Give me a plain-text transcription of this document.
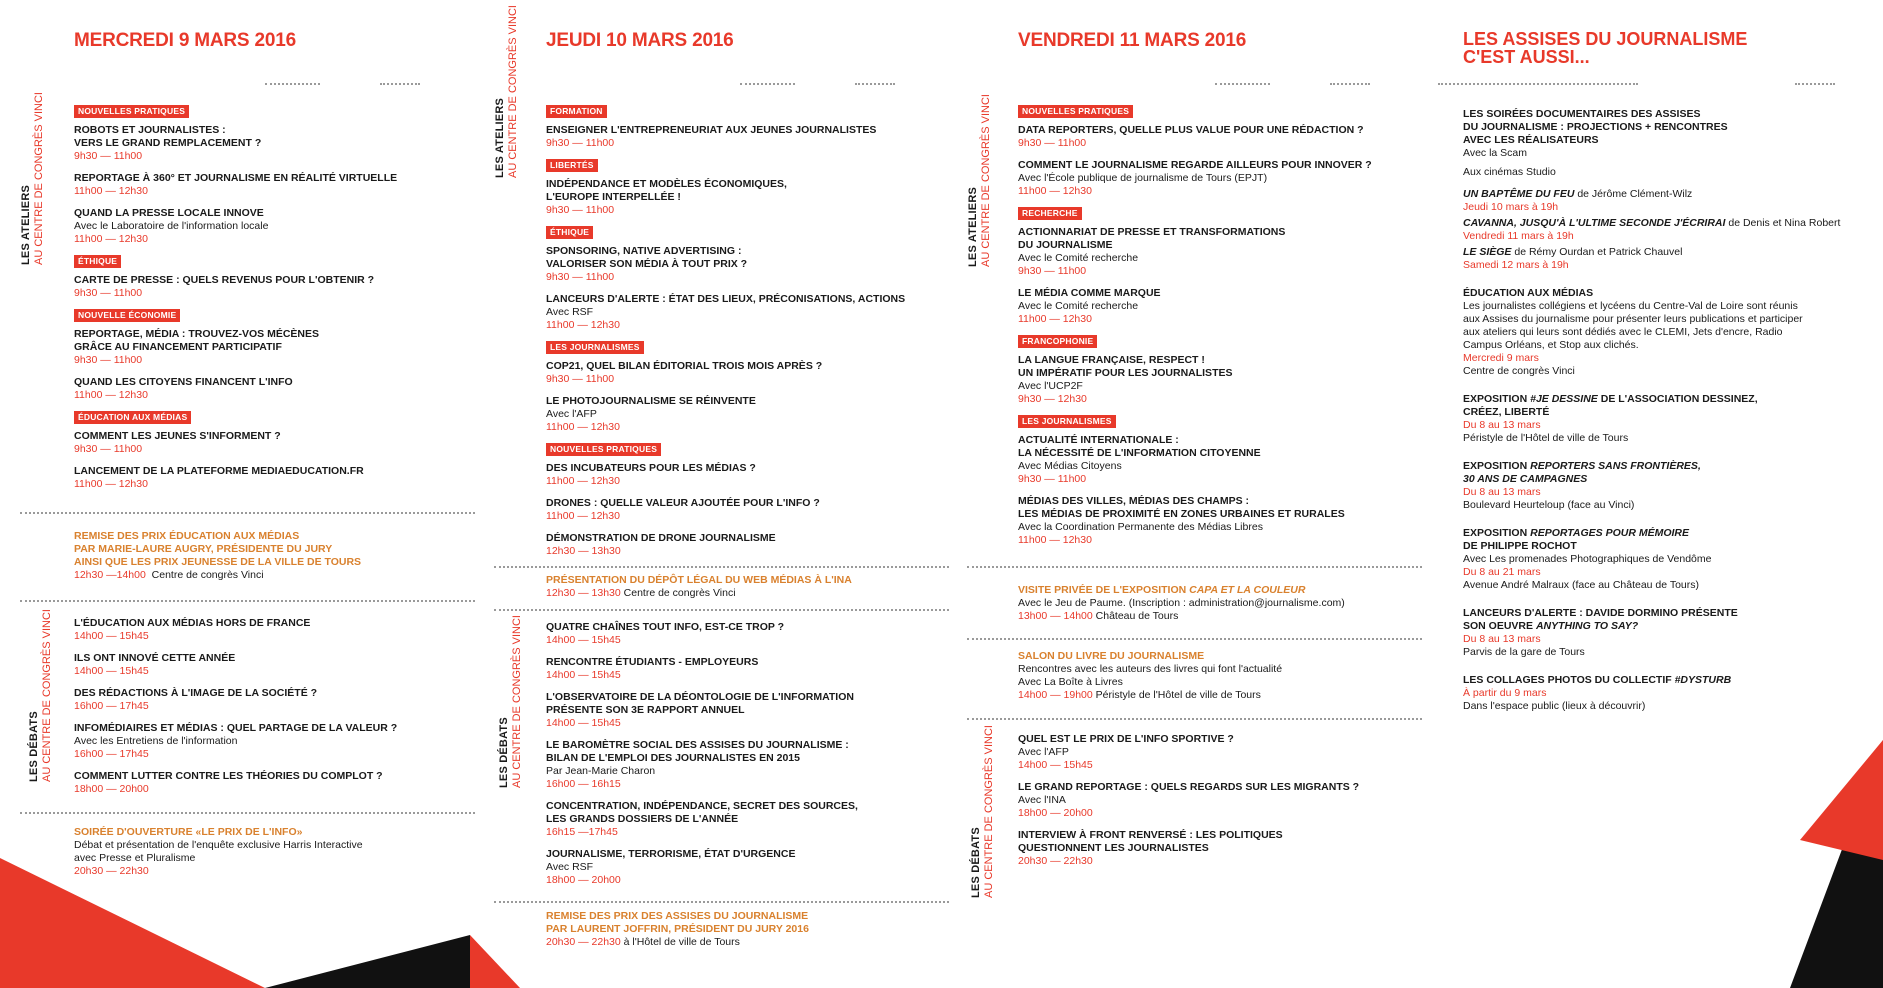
MERCREDI 9 MARS 2016
LES ATELIERS AU CENTRE DE CONGRÈS VINCI	NOUVELLES PRATIQUES
ROBOTS ET JOURNALISTES :
VERS LE GRAND REMPLACEMENT ?
9h30 — 11h00
REPORTAGE À 360° ET JOURNALISME EN RÉALITÉ VIRTUELLE
11h00 — 12h30
QUAND LA PRESSE LOCALE INNOVE
Avec le Laboratoire de l'information locale
11h00 — 12h30
ÉTHIQUE
CARTE DE PRESSE : QUELS REVENUS POUR L'OBTENIR ?
9h30 — 11h00
NOUVELLE ÉCONOMIE
REPORTAGE, MÉDIA : TROUVEZ-VOS MÉCÈNES
GRÂCE AU FINANCEMENT PARTICIPATIF
9h30 — 11h00
QUAND LES CITOYENS FINANCENT L'INFO
11h00 — 12h30
ÉDUCATION AUX MÉDIAS
COMMENT LES JEUNES S'INFORMENT ?
9h30 — 11h00
LANCEMENT DE LA PLATEFORME MEDIAEDUCATION.FR
11h00 — 12h30
REMISE DES PRIX ÉDUCATION AUX MÉDIAS
PAR MARIE-LAURE AUGRY, PRÉSIDENTE DU JURY
AINSI QUE LES PRIX JEUNESSE DE LA VILLE DE TOURS
12h30 —14h00 Centre de congrès Vinci
LES DÉBATS AU CENTRE DE CONGRÈS VINCI L'ÉDUCATION AUX MÉDIAS HORS DE FRANCE
14h00 — 15h45
ILS ONT INNOVÉ CETTE ANNÉE
14h00 — 15h45
DES RÉDACTIONS À L'IMAGE DE LA SOCIÉTÉ ?
16h00 — 17h45
INFOMÉDIAIRES ET MÉDIAS : QUEL PARTAGE DE LA VALEUR ?
Avec les Entretiens de l'information
16h00 — 17h45
COMMENT LUTTER CONTRE LES THÉORIES DU COMPLOT ?
18h00 — 20h00
SOIRÉE D'OUVERTURE «LE PRIX DE L'INFO»
Débat et présentation de l'enquête exclusive Harris Interactive
avec Presse et Pluralisme
20h30 — 22h30
JEUDI 10 MARS 2016
LES ATELIERS AU CENTRE DE CONGRÈS VINCI	FORMATION
ENSEIGNER L'ENTREPRENEURIAT AUX JEUNES JOURNALISTES
9h30 — 11h00
LIBERTÉS
INDÉPENDANCE ET MODÈLES ÉCONOMIQUES,
L'EUROPE INTERPELLÉE !
9h30 — 11h00
ÉTHIQUE
SPONSORING, NATIVE ADVERTISING :
VALORISER SON MÉDIA À TOUT PRIX ?
9h30 — 11h00
LANCEURS D'ALERTE : ÉTAT DES LIEUX, PRÉCONISATIONS, ACTIONS
Avec RSF
11h00 — 12h30
LES JOURNALISMES
COP21, QUEL BILAN ÉDITORIAL TROIS MOIS APRÈS ?
9h30 — 11h00
LE PHOTOJOURNALISME SE RÉINVENTE
Avec l'AFP
11h00 — 12h30
NOUVELLES PRATIQUES
DES INCUBATEURS POUR LES MÉDIAS ?
11h00 — 12h30
DRONES : QUELLE VALEUR AJOUTÉE POUR L'INFO ?
11h00 — 12h30
DÉMONSTRATION DE DRONE JOURNALISME
12h30 — 13h30
PRÉSENTATION DU DÉPÔT LÉGAL DU WEB MÉDIAS À L'INA
12h30 — 13h30 Centre de congrès Vinci
LES DÉBATS AU CENTRE DE CONGRÈS VINCI QUATRE CHAÎNES TOUT INFO, EST-CE TROP ?
14h00 — 15h45
RENCONTRE ÉTUDIANTS - EMPLOYEURS
14h00 — 15h45
L'OBSERVATOIRE DE LA DÉONTOLOGIE DE L'INFORMATION
PRÉSENTE SON 3E RAPPORT ANNUEL
14h00 — 15h45
LE BAROMÈTRE SOCIAL DES ASSISES DU JOURNALISME :
BILAN DE L'EMPLOI DES JOURNALISTES EN 2015
Par Jean-Marie Charon
16h00 — 16h15
CONCENTRATION, INDÉPENDANCE, SECRET DES SOURCES,
LES GRANDS DOSSIERS DE L'ANNÉE
16h15 —17h45
JOURNALISME, TERRORISME, ÉTAT D'URGENCE
Avec RSF
18h00 — 20h00
REMISE DES PRIX DES ASSISES DU JOURNALISME
PAR LAURENT JOFFRIN, PRÉSIDENT DU JURY 2016
20h30 — 22h30 à l'Hôtel de ville de Tours
VENDREDI 11 MARS 2016
LES ATELIERS AU CENTRE DE CONGRÈS VINCI	NOUVELLES PRATIQUES
DATA REPORTERS, QUELLE PLUS VALUE POUR UNE RÉDACTION ?
9h30 — 11h00
COMMENT LE JOURNALISME REGARDE AILLEURS POUR INNOVER ?
Avec l'École publique de journalisme de Tours (EPJT)
11h00 — 12h30
RECHERCHE
ACTIONNARIAT DE PRESSE ET TRANSFORMATIONS
DU JOURNALISME
Avec le Comité recherche
9h30 — 11h00
LE MÉDIA COMME MARQUE
Avec le Comité recherche
11h00 — 12h30
FRANCOPHONIE
LA LANGUE FRANÇAISE, RESPECT !
UN IMPÉRATIF POUR LES JOURNALISTES
Avec l'UCP2F
9h30 — 12h30
LES JOURNALISMES
ACTUALITÉ INTERNATIONALE :
LA NÉCESSITÉ DE L'INFORMATION CITOYENNE
Avec Médias Citoyens
9h30 — 11h00
MÉDIAS DES VILLES, MÉDIAS DES CHAMPS :
LES MÉDIAS DE PROXIMITÉ EN ZONES URBAINES ET RURALES
Avec la Coordination Permanente des Médias Libres
11h00 — 12h30
VISITE PRIVÉE DE L'EXPOSITION CAPA ET LA COULEUR
Avec le Jeu de Paume. (Inscription : administration@journalisme.com)
13h00 — 14h00 Château de Tours
SALON DU LIVRE DU JOURNALISME
Rencontres avec les auteurs des livres qui font l'actualité
Avec La Boîte à Livres
14h00 — 19h00 Péristyle de l'Hôtel de ville de Tours
LES DÉBATS AU CENTRE DE CONGRÈS VINCI QUEL EST LE PRIX DE L'INFO SPORTIVE ?
Avec l'AFP
14h00 — 15h45
LE GRAND REPORTAGE : QUELS REGARDS SUR LES MIGRANTS ?
Avec l'INA
18h00 — 20h00
INTERVIEW À FRONT RENVERSÉ : LES POLITIQUES
QUESTIONNENT LES JOURNALISTES
20h30 — 22h30
LES ASSISES DU JOURNALISME
C'EST AUSSI...
LES SOIRÉES DOCUMENTAIRES DES ASSISES
DU JOURNALISME : PROJECTIONS + RENCONTRES
AVEC LES RÉALISATEURS
Avec la Scam
Aux cinémas Studio
UN BAPTÊME DU FEU de Jérôme Clément-Wilz
Jeudi 10 mars à 19h
CAVANNA, JUSQU'À L'ULTIME SECONDE J'ÉCRIRAI de Denis et Nina Robert
Vendredi 11 mars à 19h
LE SIÈGE de Rémy Ourdan et Patrick Chauvel
Samedi 12 mars à 19h
ÉDUCATION AUX MÉDIAS
Les journalistes collégiens et lycéens du Centre-Val de Loire sont réunis aux Assises du journalisme pour présenter leurs publications et participer aux ateliers qui leurs sont dédiés avec le CLEMI, Jets d'encre, Radio Campus Orléans, et Stop aux clichés.
Mercredi 9 mars
Centre de congrès Vinci
EXPOSITION #JE DESSINE DE L'ASSOCIATION DESSINEZ,
CRÉEZ, LIBERTÉ
Du 8 au 13 mars
Péristyle de l'Hôtel de ville de Tours
EXPOSITION REPORTERS SANS FRONTIÈRES,
30 ANS DE CAMPAGNES
Du 8 au 13 mars
Boulevard Heurteloup (face au Vinci)
EXPOSITION REPORTAGES POUR MÉMOIRE
DE PHILIPPE ROCHOT
Avec Les promenades Photographiques de Vendôme
Du 8 au 21 mars
Avenue André Malraux (face au Château de Tours)
LANCEURS D'ALERTE : DAVIDE DORMINO PRÉSENTE
SON OEUVRE ANYTHING TO SAY?
Du 8 au 13 mars
Parvis de la gare de Tours
LES COLLAGES PHOTOS DU COLLECTIF #DYSTURB
À partir du 9 mars
Dans l'espace public (lieux à découvrir)
